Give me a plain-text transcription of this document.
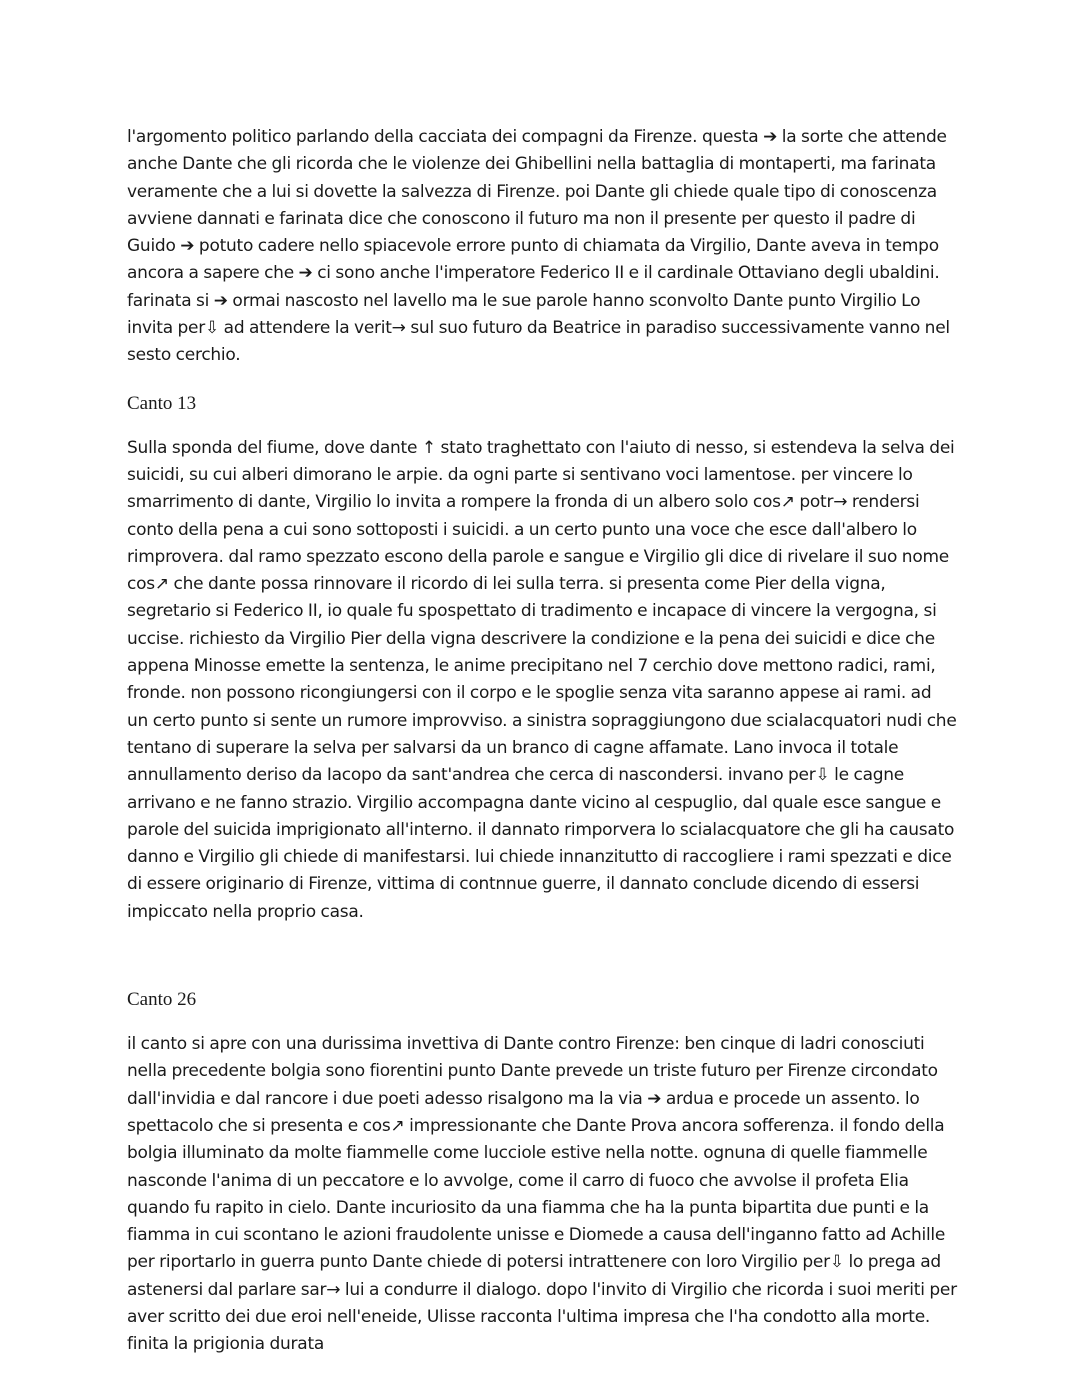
l'argomento politico parlando della cacciata dei compagni da Firenze. questa ➔ la sorte che attende anche Dante che gli ricorda che le violenze dei Ghibellini nella battaglia di montaperti, ma farinata veramente che a lui si dovette la salvezza di Firenze. poi Dante gli chiede quale tipo di conoscenza avviene dannati e farinata dice che conoscono il futuro ma non il presente per questo il padre di Guido ➔ potuto cadere nello spiacevole errore punto di chiamata da Virgilio, Dante aveva in tempo ancora a sapere che ➔ ci sono anche l'imperatore Federico II e il cardinale Ottaviano degli ubaldini. farinata si ➔ ormai nascosto nel lavello ma le sue parole hanno sconvolto Dante punto Virgilio Lo invita per⇩ ad attendere la verit→ sul suo futuro da Beatrice in paradiso successivamente vanno nel sesto cerchio.

Canto 13

Sulla sponda del fiume, dove dante ↑ stato traghettato con l'aiuto di nesso, si estendeva la selva dei suicidi, su cui alberi dimorano le arpie. da ogni parte si sentivano voci lamentose. per vincere lo smarrimento di dante, Virgilio lo invita a rompere la fronda di un albero solo cos↗ potr→ rendersi conto della pena a cui sono sottoposti i suicidi. a un certo punto una voce che esce dall'albero lo rimprovera. dal ramo spezzato escono della parole e sangue e Virgilio gli dice di rivelare il suo nome cos↗ che dante possa rinnovare il ricordo di lei sulla terra. si presenta come Pier della vigna, segretario si Federico II, io quale fu spospettato di tradimento e incapace di vincere la vergogna, si uccise. richiesto da Virgilio Pier della vigna descrivere la condizione e la pena dei suicidi e dice che appena Minosse emette la sentenza, le anime precipitano nel 7 cerchio dove mettono radici, rami, fronde. non possono ricongiungersi con il corpo e le spoglie senza vita saranno appese ai rami. ad un certo punto si sente un rumore improvviso. a sinistra sopraggiungono due scialacquatori nudi che tentano di superare la selva per salvarsi da un branco di cagne affamate. Lano invoca il totale annullamento deriso da Iacopo da sant'andrea che cerca di nascondersi. invano per⇩ le cagne arrivano e ne fanno strazio. Virgilio accompagna dante vicino al cespuglio, dal quale esce sangue e parole del suicida imprigionato all'interno. il dannato rimporvera lo scialacquatore che gli ha causato danno e Virgilio gli chiede di manifestarsi. lui chiede innanzitutto di raccogliere i rami spezzati e dice di essere originario di Firenze, vittima di contnnue guerre, il dannato conclude dicendo di essersi impiccato nella proprio casa.

Canto 26

il canto si apre con una durissima invettiva di Dante contro Firenze: ben cinque di ladri conosciuti nella precedente bolgia sono fiorentini punto Dante prevede un triste futuro per Firenze circondato dall'invidia e dal rancore i due poeti adesso risalgono ma la via ➔ ardua e procede un assento. lo spettacolo che si presenta e cos↗ impressionante che Dante Prova ancora sofferenza. il fondo della bolgia illuminato da molte fiammelle come lucciole estive nella notte. ognuna di quelle fiammelle nasconde l'anima di un peccatore e lo avvolge, come il carro di fuoco che avvolse il profeta Elia quando fu rapito in cielo. Dante incuriosito da una fiamma che ha la punta bipartita due punti e la fiamma in cui scontano le azioni fraudolente unisse e Diomede a causa dell'inganno fatto ad Achille per riportarlo in guerra punto Dante chiede di potersi intrattenere con loro Virgilio per⇩ lo prega ad astenersi dal parlare sar→ lui a condurre il dialogo. dopo l'invito di Virgilio che ricorda i suoi meriti per aver scritto dei due eroi nell'eneide, Ulisse racconta l'ultima impresa che l'ha condotto alla morte. finita la prigionia durata
